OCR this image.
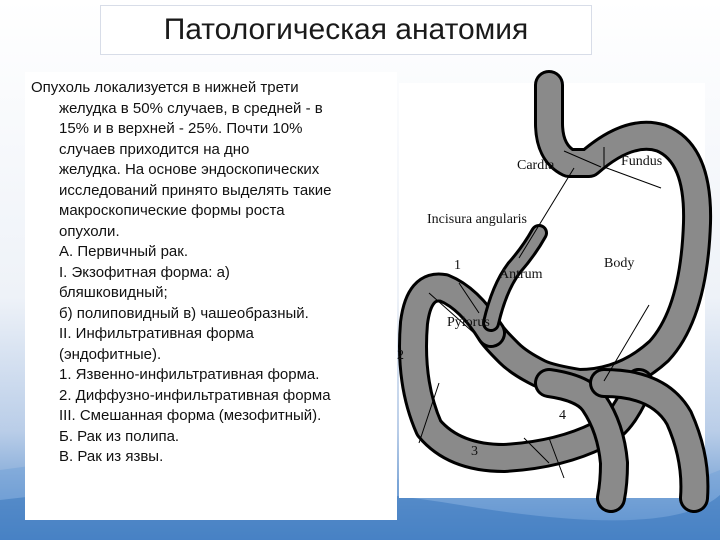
Патологическая анатомия
Опухоль локализуется в нижней трети
желудка в 50% случаев, в средней - в
15% и в верхней - 25%. Почти 10%
случаев приходится на дно
желудка. На основе эндоскопических
исследований принято выделять такие
макроскопические формы роста
опухоли.
А. Первичный рак.
I. Экзофитная форма: а)
бляшковидный;
б) полиповидный в) чашеобразный.
II. Инфильтративная форма
(эндофитные).
1. Язвенно-инфильтративная форма.
2. Диффузно-инфильтративная форма
III. Смешанная форма (мезофитный).
Б. Рак из полипа.
В. Рак из язвы.
Cardia	Fundus
Incisura angularis
Body
Antrum
Pylorus
1
2
3
4
